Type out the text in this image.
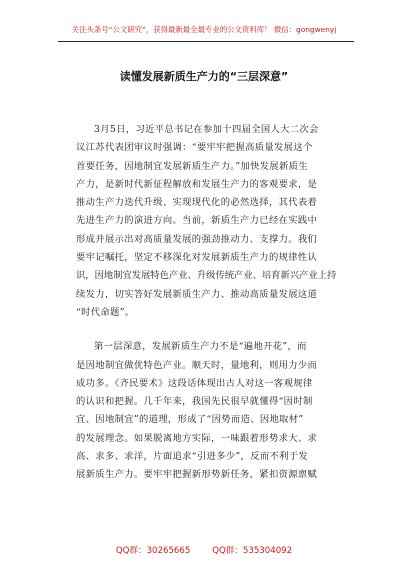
关注头条号“公文研究”，获得最新最全最专业的公文资料库！ 微信：gongwenyj
读懂发展新质生产力的“三层深意”
3月5日，习近平总书记在参加十四届全国人大二次会
议江苏代表团审议时强调：“要牢牢把握高质量发展这个
首要任务，因地制宜发展新质生产力。”加快发展新质生
产力，是新时代新征程解放和发展生产力的客观要求，是
推动生产力迭代升级、实现现代化的必然选择，其代表着
先进生产力的演进方向。当前，新质生产力已经在实践中
形成并展示出对高质量发展的强劲推动力、支撑力。我们
要牢记嘱托，坚定不移深化对发展新质生产力的规律性认
识，因地制宜发展特色产业、升级传统产业、培育新兴产业上持
续发力，切实答好发展新质生产力、推动高质量发展这道
“时代命题”。
第一层深意，发展新质生产力不是“遍地开花”，而
是因地制宜做优特色产业。顺天时，量地利，则用力少而
成功多。《齐民要术》这段话体现出古人对这一客观规律
的认识和把握。几千年来，我国先民很早就懂得“因时制
宜、因地制宜”的道理，形成了“因势而造、因地取材”
的发展理念。如果脱离地方实际，一味跟着形势求大、求
高、求多、求洋，片面追求“引进多少”，反而不利于发
展新质生产力。要牢牢把握新形势新任务，紧扣资源禀赋
QQ群：30265665	QQ群：535304092
